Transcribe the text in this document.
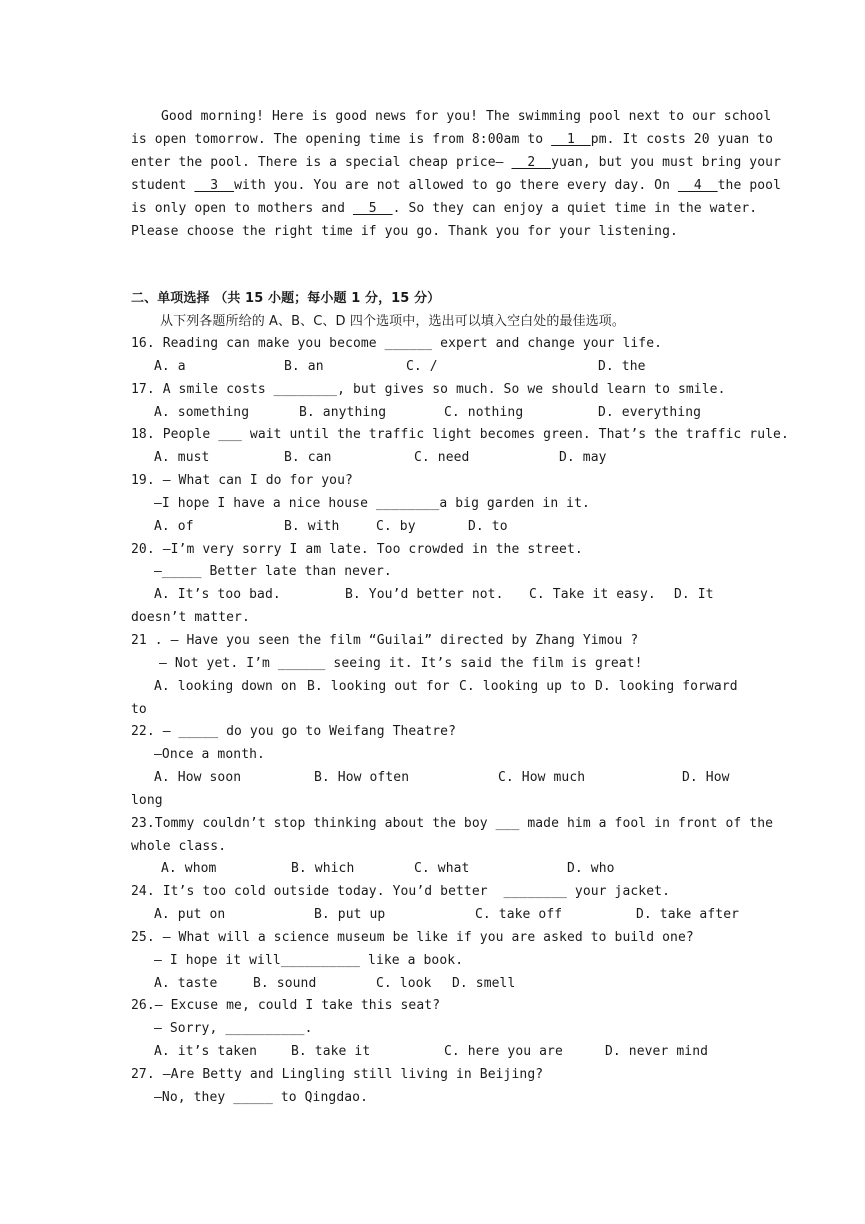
Good morning! Here is good news for you! The swimming pool next to our school
is open tomorrow. The opening time is from 8:00am to   1  pm. It costs 20 yuan to
enter the pool. There is a special cheap price—   2  yuan, but you must bring your
student   3  with you. You are not allowed to go there every day. On   4  the pool
is only open to mothers and   5  . So they can enjoy a quiet time in the water.
Please choose the right time if you go. Thank you for your listening.
二、单项选择 （共 15 小题；每小题 1 分，15 分）
从下列各题所给的 A、B、C、D 四个选项中，选出可以填入空白处的最佳选项。
16. Reading can make you become ______ expert and change your life.

A. a

	B. an

	C. /

	D. the

17. A smile costs ________, but gives so much. So we should learn to smile.

A. something

	B. anything

	C. nothing

	D. everything

18. People ___ wait until the traffic light becomes green. That’s the traffic rule.

A. must

	B. can

	C. need

	D. may

19. — What can I do for you?
—I hope I have a nice house ________a big garden in it.

A. of

	B. with

	C. by

	D. to

20. —I’m very sorry I am late. Too crowded in the street.
—_____ Better late than never.

A. It’s too bad.

	B. You’d better not.

C. Take it easy.

D. It

doesn’t matter.
21 . — Have you seen the film “Guilai” directed by Zhang Yimou ?
— Not yet. I’m ______ seeing it. It’s said the film is great!

A. looking down on

B. looking out for

C. looking up to

D. looking forward

to
22. — _____ do you go to Weifang Theatre?
—Once a month.

A. How soon

	B. How often

	C. How much

	D. How

long
23.Tommy couldn’t stop thinking about the boy ___ made him a fool in front of the
whole class.

A. whom

	B. which

	C. what

	D. who

24. It’s too cold outside today. You’d better  ________ your jacket.

A. put on

	B. put up

	C. take off

	D. take after

25. — What will a science museum be like if you are asked to build one?
— I hope it will__________ like a book.

A. taste

	B. sound

	C. look

D. smell

26.— Excuse me, could I take this seat?
— Sorry, __________.

A. it’s taken

	B. take it

	C. here you are

	D. never mind

27. —Are Betty and Lingling still living in Beijing?
—No, they _____ to Qingdao.
